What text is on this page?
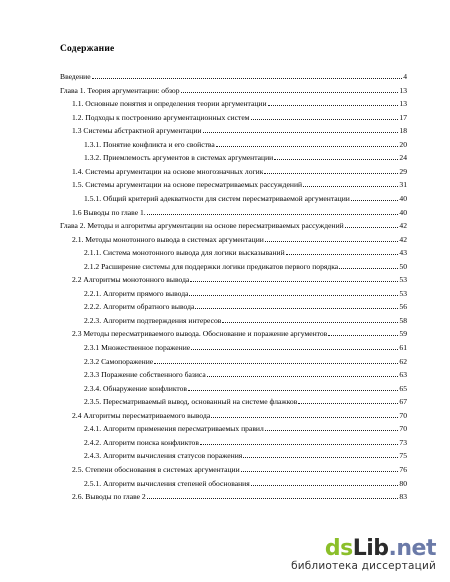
Содержание
Введение	4
Глава 1. Теория аргументации: обзор	13
1.1. Основные понятия и определения теории аргументации	13
1.2. Подходы к построению аргументационных систем	17
1.3 Системы абстрактной аргументации	18
1.3.1. Понятие конфликта и его свойства	20
1.3.2. Приемлемость аргументов в системах аргументации	24
1.4. Системы аргументации на основе многозначных логик	29
1.5. Системы аргументации на основе пересматриваемых рассуждений	31
1.5.1. Общий критерий адекватности для систем пересматриваемой аргументации	40
1.6 Выводы по главе 1.	40
Глава 2. Методы и алгоритмы аргументации на основе пересматриваемых рассуждений	42
2.1. Методы монотонного вывода в системах аргументации	42
2.1.1. Система монотонного вывода для логики высказываний	43
2.1.2 Расширение системы для поддержки логики предикатов первого порядка	50
2.2 Алгоритмы монотонного вывода	53
2.2.1. Алгоритм прямого вывода	53
2.2.2. Алгоритм обратного вывода	56
2.2.3. Алгоритм подтверждения интересов	58
2.3 Методы пересматриваемого вывода. Обоснование и поражение аргументов	59
2.3.1 Множественное поражение	61
2.3.2 Самопоражение	62
2.3.3 Поражение собственного базиса	63
2.3.4. Обнаружение конфликтов	65
2.3.5. Пересматриваемый вывод, основанный на системе флажков	67
2.4 Алгоритмы пересматриваемого вывода	70
2.4.1. Алгоритм применения пересматриваемых правил	70
2.4.2. Алгоритм поиска конфликтов	73
2.4.3. Алгоритм вычисления статусов поражения	75
2.5. Степени обоснования в системах аргументации	76
2.5.1. Алгоритм вычисления степеней обоснования	80
2.6. Выводы по главе 2	83
dsLib.net
библиотека диссертаций
